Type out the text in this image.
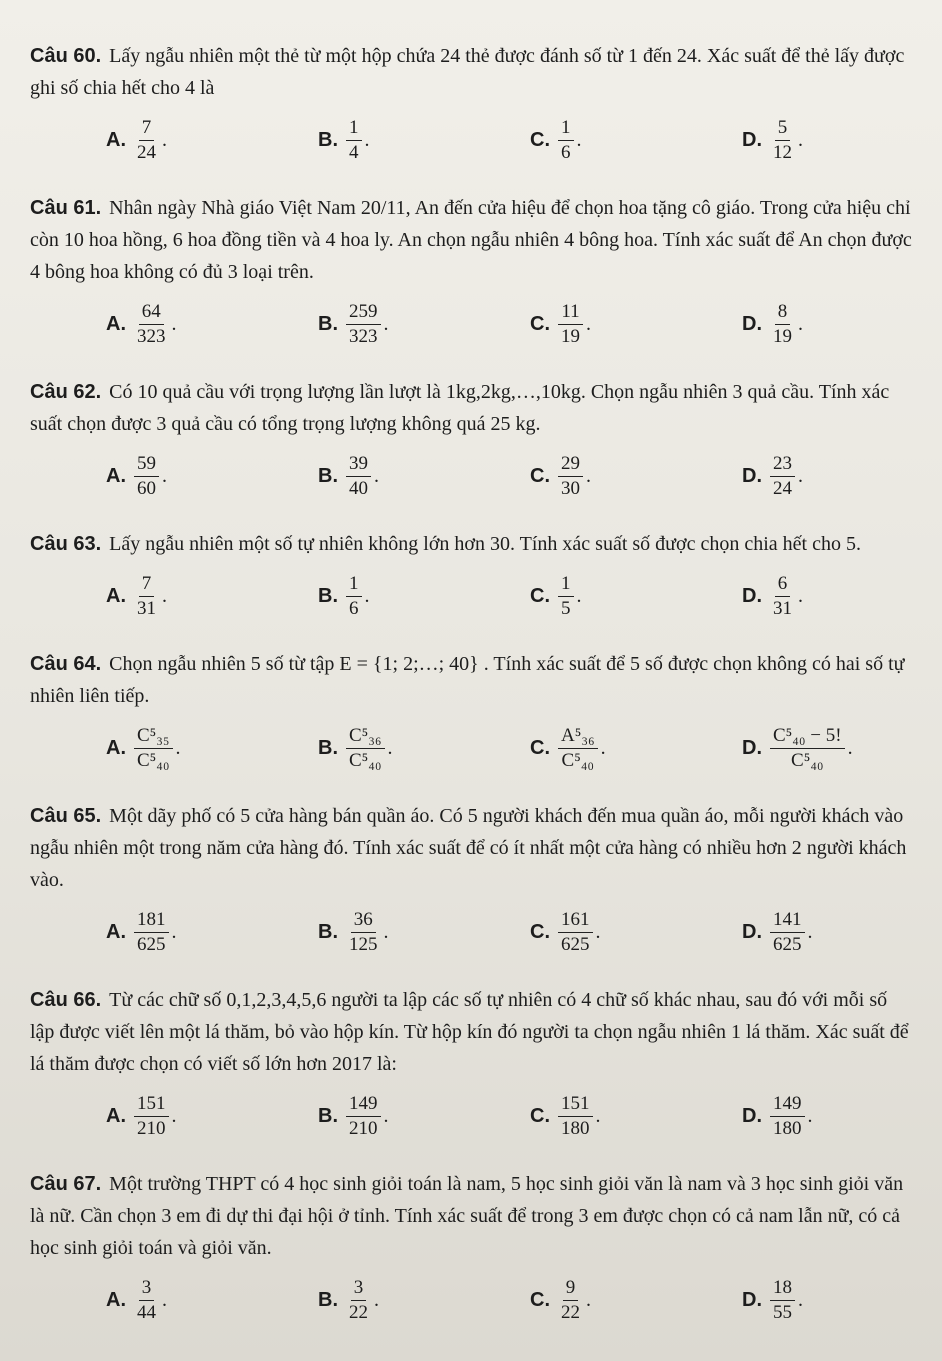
Câu 60. Lấy ngẫu nhiên một thẻ từ một hộp chứa 24 thẻ được đánh số từ 1 đến 24. Xác suất để thẻ lấy được ghi số chia hết cho 4 là
A. $\frac{7}{24}$ .	B. $\frac{1}{4}$ .	C. $\frac{1}{6}$ .	D. $\frac{5}{12}$ .
Câu 61. Nhân ngày Nhà giáo Việt Nam 20/11, An đến cửa hiệu để chọn hoa tặng cô giáo. Trong cửa hiệu chỉ còn 10 hoa hồng, 6 hoa đồng tiền và 4 hoa ly. An chọn ngẫu nhiên 4 bông hoa. Tính xác suất để An chọn được 4 bông hoa không có đủ 3 loại trên.
A. $\frac{64}{323}$ .	B. $\frac{259}{323}$ .	C. $\frac{11}{19}$ .	D. $\frac{8}{19}$ .
Câu 62. Có 10 quả cầu với trọng lượng lần lượt là 1kg,2kg,…,10kg. Chọn ngẫu nhiên 3 quả cầu. Tính xác suất chọn được 3 quả cầu có tổng trọng lượng không quá 25 kg.
A. $\frac{59}{60}$ .	B. $\frac{39}{40}$ .	C. $\frac{29}{30}$ .	D. $\frac{23}{24}$ .
Câu 63. Lấy ngẫu nhiên một số tự nhiên không lớn hơn 30. Tính xác suất số được chọn chia hết cho 5.
A. $\frac{7}{31}$ .	B. $\frac{1}{6}$ .	C. $\frac{1}{5}$ .	D. $\frac{6}{31}$ .
Câu 64. Chọn ngẫu nhiên 5 số từ tập E = {1; 2;…; 40} . Tính xác suất để 5 số được chọn không có hai số tự nhiên liên tiếp.
A. $\frac{\text{C⁵₃₅}}{\text{C⁵₄₀}}$ .	B. $\frac{\text{C⁵₃₆}}{\text{C⁵₄₀}}$ .	C. $\frac{\text{A⁵₃₆}}{\text{C⁵₄₀}}$ .	D. $\frac{\text{C⁵₄₀ − 5!}}{\text{C⁵₄₀}}$ .
Câu 65. Một dãy phố có 5 cửa hàng bán quần áo. Có 5 người khách đến mua quần áo, mỗi người khách vào ngẫu nhiên một trong năm cửa hàng đó. Tính xác suất để có ít nhất một cửa hàng có nhiều hơn 2 người khách vào.
A. $\frac{181}{625}$ .	B. $\frac{36}{125}$ .	C. $\frac{161}{625}$ .	D. $\frac{141}{625}$ .
Câu 66. Từ các chữ số 0,1,2,3,4,5,6 người ta lập các số tự nhiên có 4 chữ số khác nhau, sau đó với mỗi số lập được viết lên một lá thăm, bỏ vào hộp kín. Từ hộp kín đó người ta chọn ngẫu nhiên 1 lá thăm. Xác suất để lá thăm được chọn có viết số lớn hơn 2017 là:
A. $\frac{151}{210}$ .	B. $\frac{149}{210}$ .	C. $\frac{151}{180}$ .	D. $\frac{149}{180}$ .
Câu 67. Một trường THPT có 4 học sinh giỏi toán là nam, 5 học sinh giỏi văn là nam và 3 học sinh giỏi văn là nữ. Cần chọn 3 em đi dự thi đại hội ở tỉnh. Tính xác suất để trong 3 em được chọn có cả nam lẫn nữ, có cả học sinh giỏi toán và giỏi văn.
A. $\frac{3}{44}$ .	B. $\frac{3}{22}$ .	C. $\frac{9}{22}$ .	D. $\frac{18}{55}$ .
